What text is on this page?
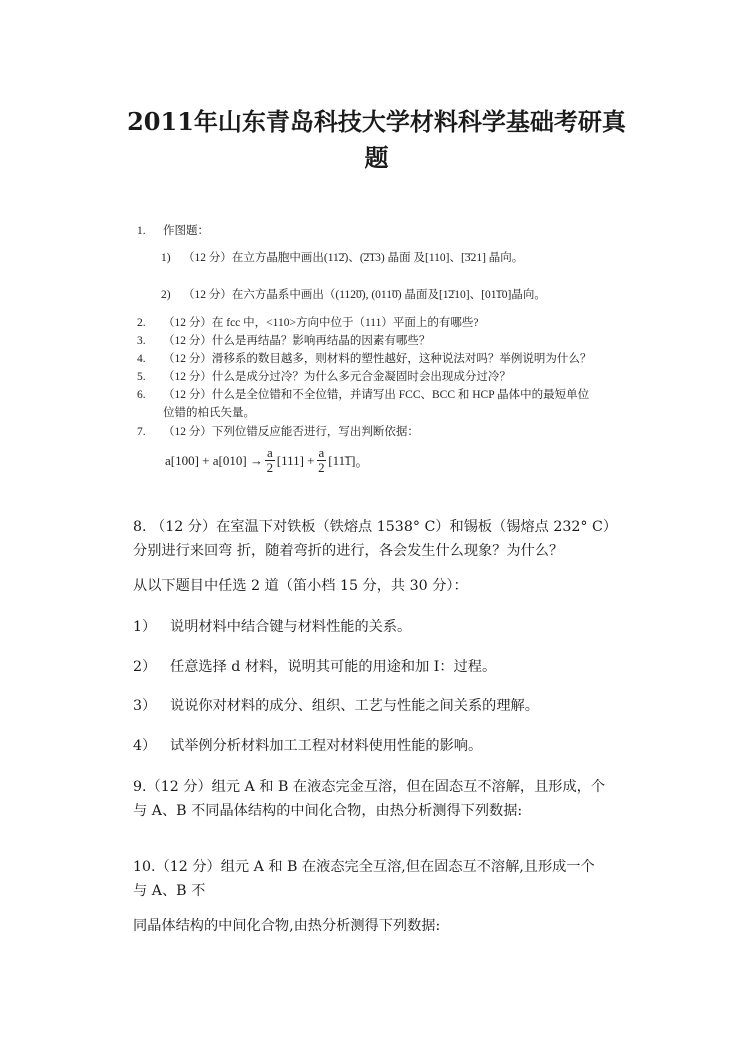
2011年山东青岛科技大学材料科学基础考研真
题
1. 作图题：
1) （12 分）在立方晶胞中画出(11͞2)、(͞2͞13) 晶面 及[110]、[͞321] 晶向。
2) （12 分）在六方晶系中画出（(112͞0), (011͞0) 晶面及[1͞210]、[01͞10]晶向。
2. （12 分）在 fcc 中，<110>方向中位于（111）平面上的有哪些?
3. （12 分）什么是再结晶？影响再结晶的因素有哪些？
4. （12 分）滑移系的数目越多，则材料的塑性越好，这种说法对吗？举例说明为什么？
5. （12 分）什么是成分过冷？为什么多元合金凝固时会出现成分过冷？
6. （12 分）什么是全位错和不全位错，并请写出 FCC、BCC 和 HCP 晶体中的最短单位
位错的柏氏矢量。
7. （12 分）下列位错反应能否进行，写出判断依据：
$a[100] + a[010] \to \frac{a}{2} [111] + \frac{a}{2}$ [11͞1] 。
8. （12 分）在室温下对铁板（铁熔点 1538° C）和锡板（锡熔点 232° C）
分别进行来回弯 折，随着弯折的进行，各会发生什么现象？为什么？
从以下题目中任选 2 道（笛小档 15 分，共 30 分）：
1） 说明材料中结合键与材料性能的关系。
2） 任意选择 d 材料，说明其可能的用途和加 I：过程。
3） 说说你对材料的成分、组织、工艺与性能之间关系的理解。
4） 试举例分析材料加工工程对材料使用性能的影响。
9.（12 分）组元 A 和 B 在液态完金互溶，但在固态互不溶解，且形成，个
与 A、B 不同晶体结构的中间化合物，由热分析测得下列数据:
10.（12 分）组元 A 和 B 在液态完全互溶,但在固态互不溶解,且形成一个
与 A、B 不
同晶体结构的中间化合物,由热分析测得下列数据:
